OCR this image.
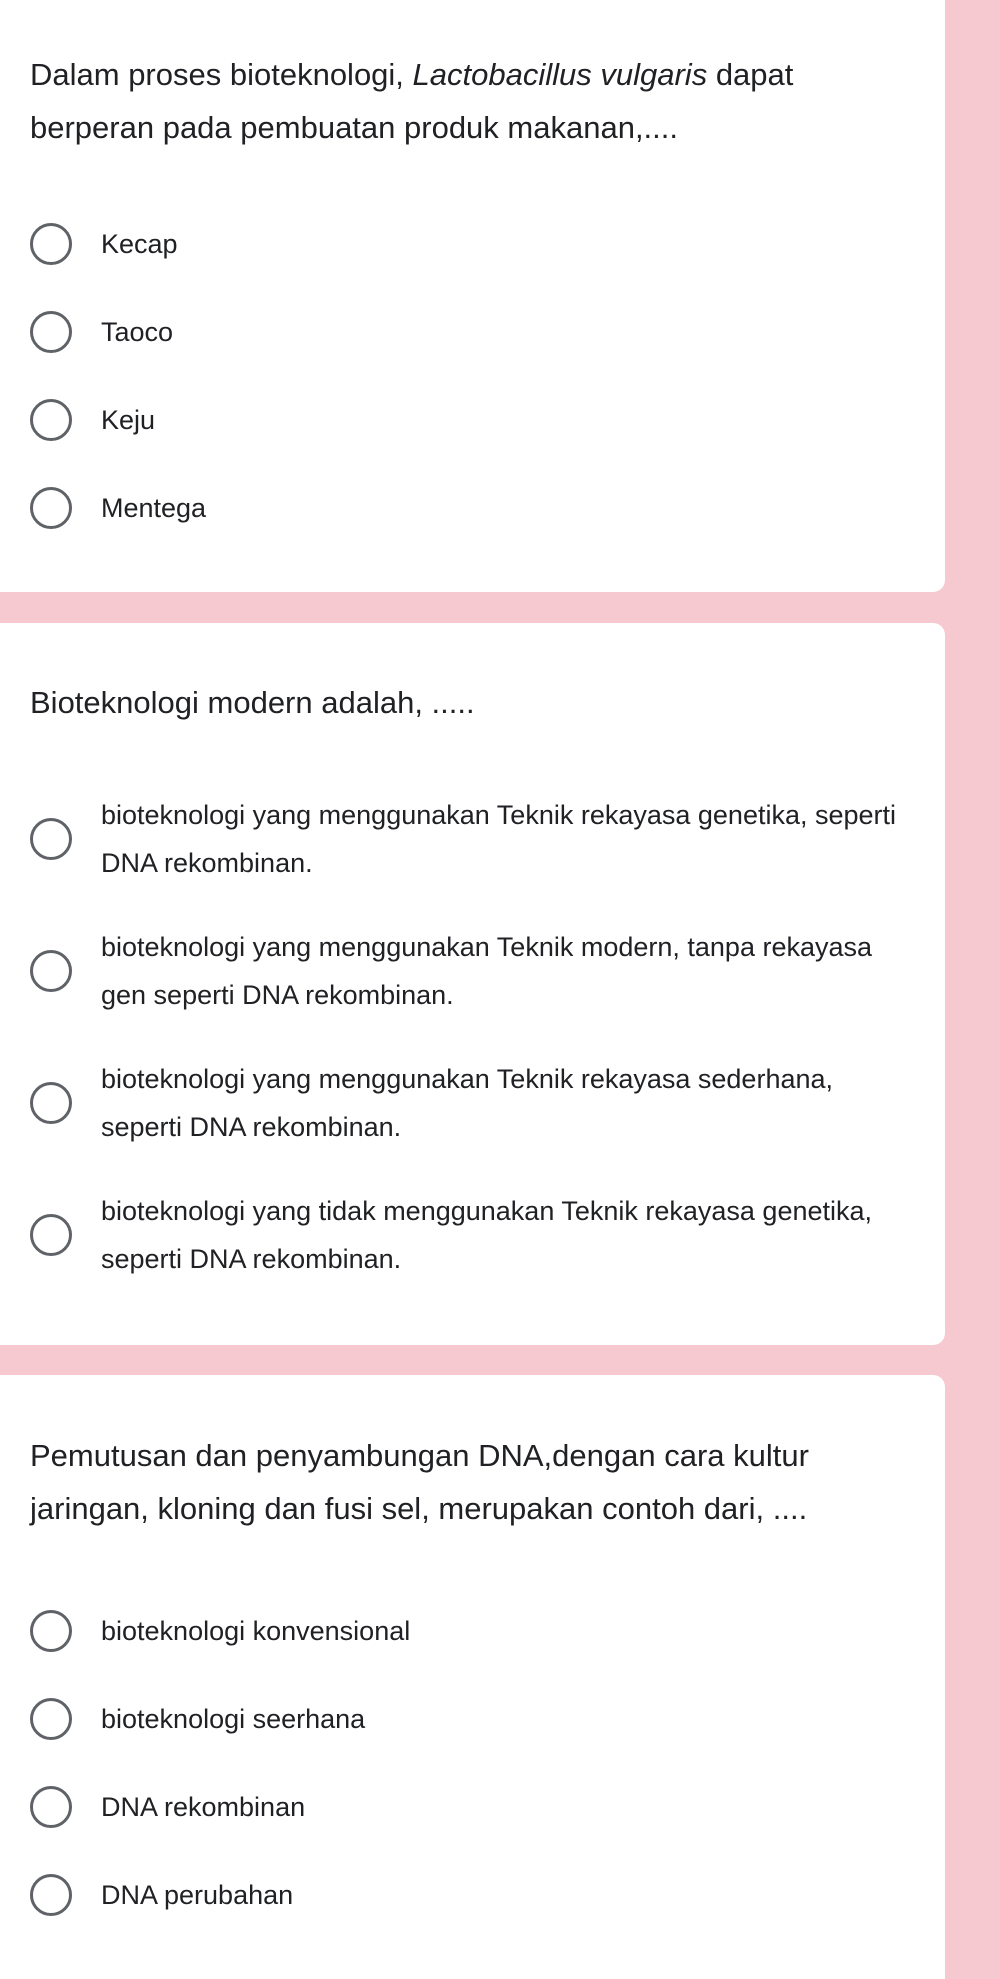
Dalam proses bioteknologi, Lactobacillus vulgaris dapat berperan pada pembuatan produk makanan,....
Kecap
Taoco
Keju
Mentega
Bioteknologi modern adalah, .....
bioteknologi yang menggunakan Teknik rekayasa genetika, seperti DNA rekombinan.
bioteknologi yang menggunakan Teknik modern, tanpa rekayasa gen seperti DNA rekombinan.
bioteknologi yang menggunakan Teknik rekayasa sederhana, seperti DNA rekombinan.
bioteknologi yang tidak menggunakan Teknik rekayasa genetika, seperti DNA rekombinan.
Pemutusan dan penyambungan DNA,dengan cara kultur jaringan, kloning dan fusi sel, merupakan contoh dari, ....
bioteknologi konvensional
bioteknologi seerhana
DNA rekombinan
DNA perubahan
